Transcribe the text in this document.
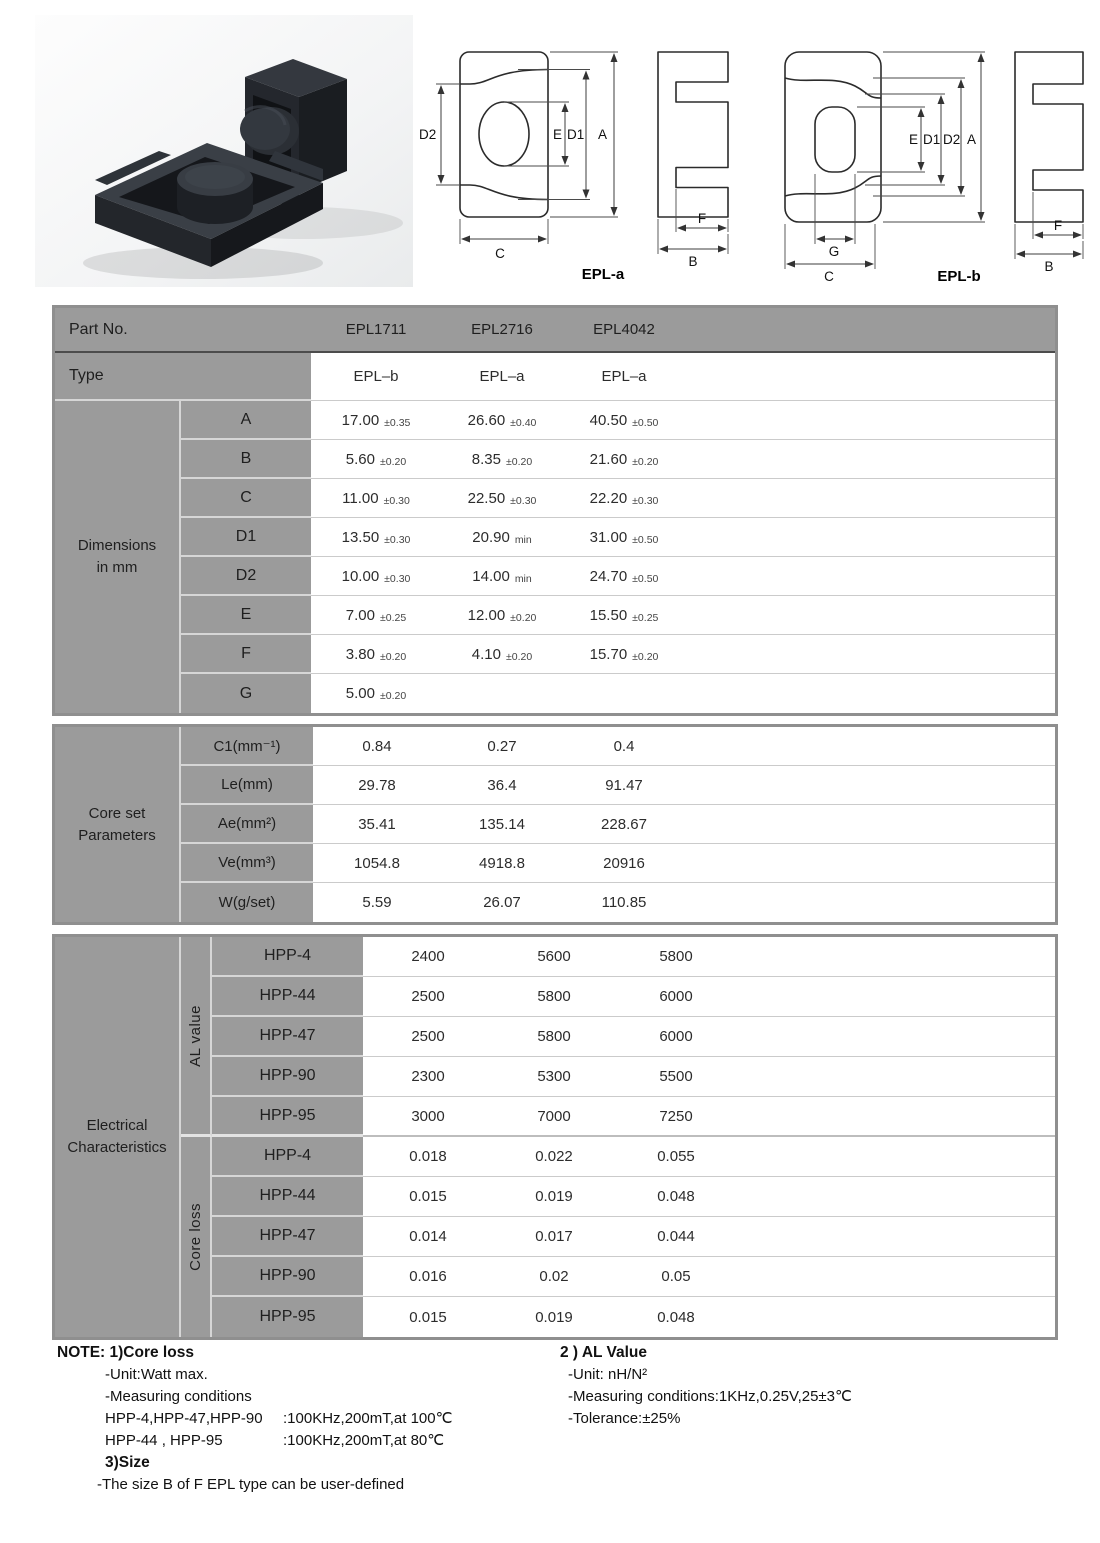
D2	E D1 A
C
F
B
EPL-a
E D1 D2 A
G
C
F
B
EPL-b
Part No.	EPL1711	EPL2716	EPL4042
Type	EPL–b	EPL–a	EPL–a
Dimensions
in mm
A	17.00 ±0.35	26.60 ±0.40	40.50 ±0.50
B	5.60 ±0.20	8.35 ±0.20	21.60 ±0.20
C	11.00 ±0.30	22.50 ±0.30	22.20 ±0.30
D1	13.50 ±0.30	20.90 min	31.00 ±0.50
D2	10.00 ±0.30	14.00 min	24.70 ±0.50
E	7.00 ±0.25	12.00 ±0.20	15.50 ±0.25
F	3.80 ±0.20	4.10 ±0.20	15.70 ±0.20
G	5.00 ±0.20
Core set
Parameters
C1(mm⁻¹)	0.84	0.27	0.4
Le(mm)	29.78	36.4	91.47
Ae(mm²)	35.41	135.14	228.67
Ve(mm³)	1054.8	4918.8	20916
W(g/set)	5.59	26.07	110.85
Electrical
Characteristics
AL value
HPP-4	2400	5600	5800
HPP-44	2500	5800	6000
HPP-47	2500	5800	6000
HPP-90	2300	5300	5500
HPP-95	3000	7000	7250
Core loss
HPP-4	0.018	0.022	0.055
HPP-44	0.015	0.019	0.048
HPP-47	0.014	0.017	0.044
HPP-90	0.016	0.02	0.05
HPP-95	0.015	0.019	0.048
NOTE: 1)Core loss
-Unit:Watt max.
-Measuring conditions
HPP-4,HPP-47,HPP-90 :100KHz,200mT,at 100℃
HPP-44 , HPP-95	:100KHz,200mT,at 80℃
3)Size
-The size B of F EPL type can be user-defined
2 ) AL Value
-Unit: nH/N²
-Measuring conditions:1KHz,0.25V,25±3℃
-Tolerance:±25%
